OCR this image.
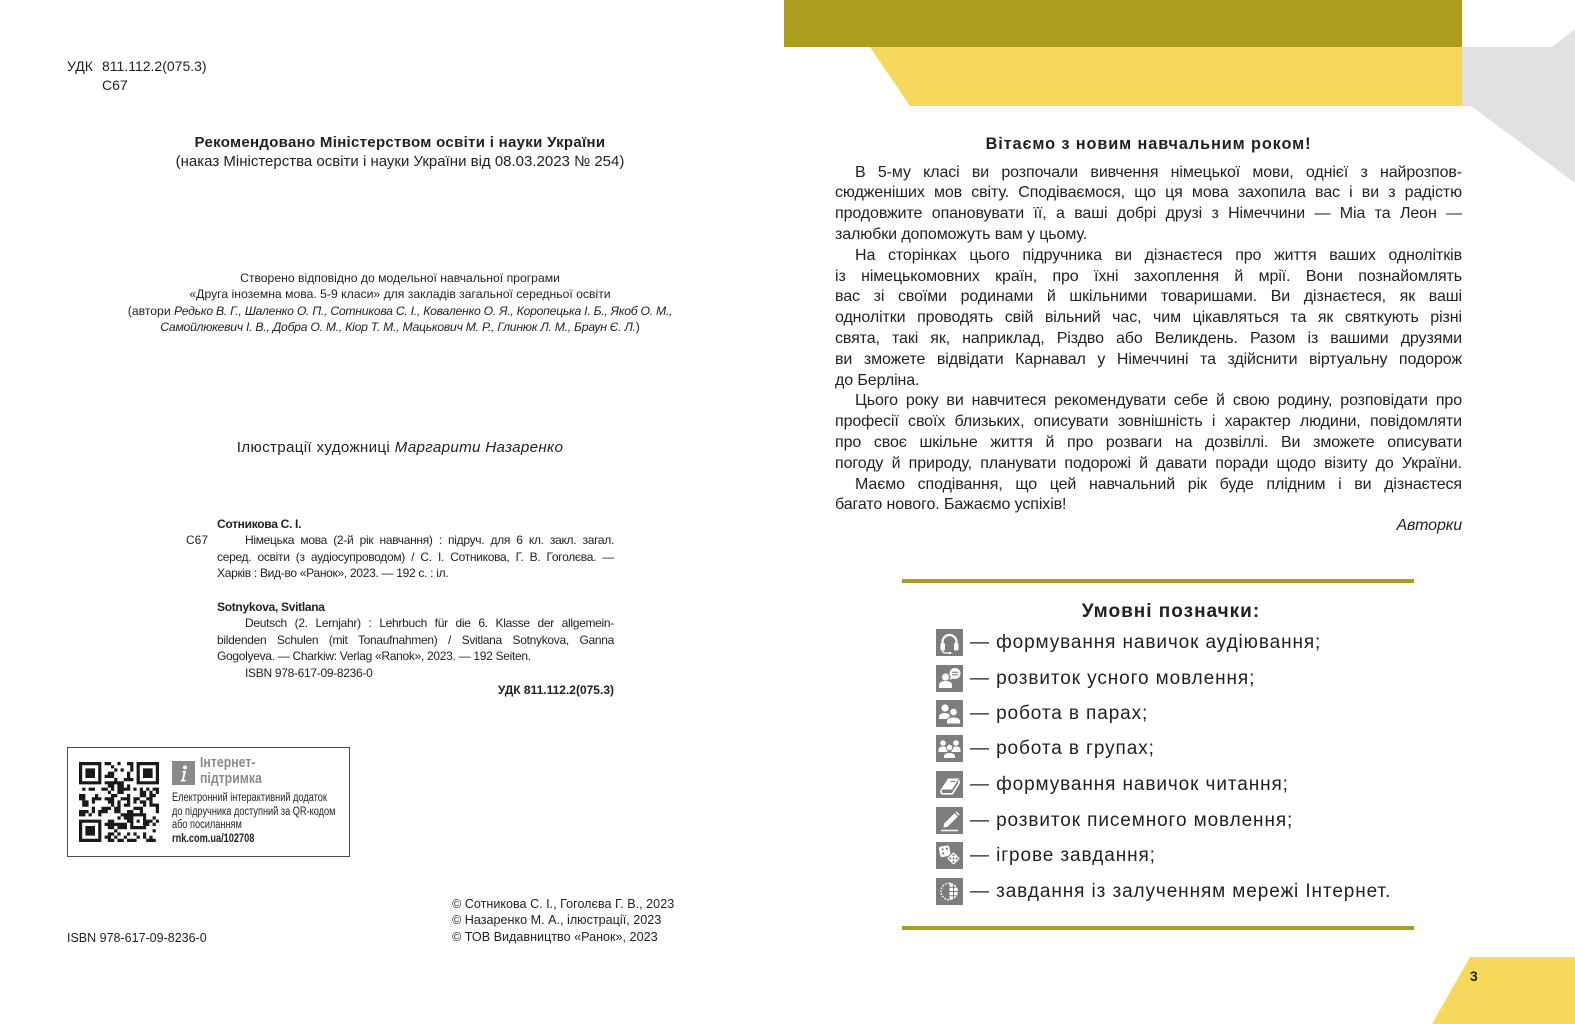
УДК 811.112.2(075.3)
С67
Рекомендовано Міністерством освіти і науки України
(наказ Міністерства освіти і науки України від 08.03.2023 № 254)
Створено відповідно до модельної навчальної програми
«Друга іноземна мова. 5-9 класи» для закладів загальної середньої освіти
(автори Редько В. Г., Шаленко О. П., Сотникова С. І., Коваленко О. Я., Коропецька І. Б., Якоб О. М.,
Самойлюкевич І. В., Добра О. М., Кіор Т. М., Мацькович М. Р., Глинюк Л. М., Браун Є. Л.)
Ілюстрації художниці Маргарити Назаренко
С67
Сотникова С. І.
Німецька мова (2-й рік навчання) : підруч. для 6 кл. закл. загал.
серед. освіти (з аудіосупроводом) / С. І. Сотникова, Г. В. Гоголєва. —
Харків : Вид-во «Ранок», 2023. — 192 с. : іл.
Sotnykova, Svitlana
Deutsch (2. Lernjahr) : Lehrbuch für die 6. Klasse der allgemein-
bildenden Schulen (mit Tonaufnahmen) / Svitlana Sotnykova, Ganna
Gogolyeva. — Charkiw: Verlag «Ranok», 2023. — 192 Seiten.
ISBN 978-617-09-8236-0
УДК 811.112.2(075.3)
Інтернет-
підтримка
Електронний інтерактивний додаток
до підручника доступний за QR-кодом
або посиланням
rnk.com.ua/102708
ISBN 978-617-09-8236-0
© Сотникова С. І., Гоголєва Г. В., 2023
© Назаренко М. А., ілюстрації, 2023
© ТОВ Видавництво «Ранок», 2023
Вітаємо з новим навчальним роком!
В 5-му класі ви розпочали вивчення німецької мови, однієї з найрозпов-
сюдженіших мов світу. Сподіваємося, що ця мова захопила вас і ви з радістю
продовжите опановувати її, а ваші добрі друзі з Німеччини — Міа та Леон —
залюбки допоможуть вам у цьому.
На сторінках цього підручника ви дізнаєтеся про життя ваших однолітків
із німецькомовних країн, про їхні захоплення й мрії. Вони познайомлять
вас зі своїми родинами й шкільними товаришами. Ви дізнаєтеся, як ваші
однолітки проводять свій вільний час, чим цікавляться та як святкують різні
свята, такі як, наприклад, Різдво або Великдень. Разом із вашими друзями
ви зможете відвідати Карнавал у Німеччині та здійснити віртуальну подорож
до Берліна.
Цього року ви навчитеся рекомендувати себе й свою родину, розповідати про
професії своїх близьких, описувати зовнішність і характер людини, повідомляти
про своє шкільне життя й про розваги на дозвіллі. Ви зможете описувати
погоду й природу, планувати подорожі й давати поради щодо візиту до України.
Маємо сподівання, що цей навчальний рік буде плідним і ви дізнаєтеся
багато нового. Бажаємо успіхів!
Авторки
Умовні позначки:
— формування навичок аудіювання;
— розвиток усного мовлення;
— робота в парах;
— робота в групах;
— формування навичок читання;
— розвиток писемного мовлення;
— ігрове завдання;
— завдання із залученням мережі Інтернет.
3
